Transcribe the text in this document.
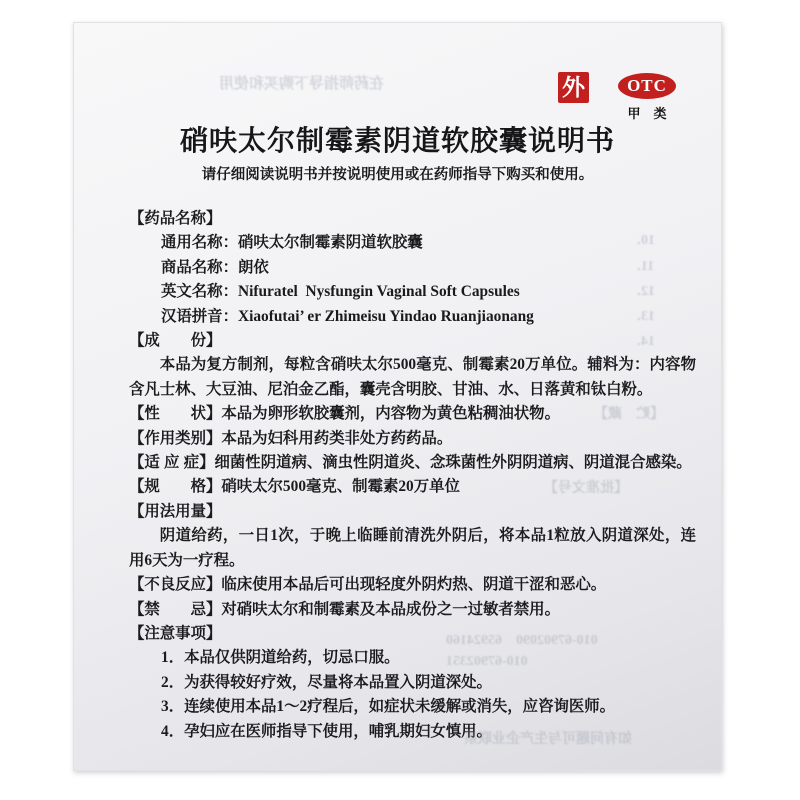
外 OTC
甲　类
硝呋太尔制霉素阴道软胶囊说明书

请仔细阅读说明书并按说明使用或在药师指导下购买和使用。

【药品名称】
通用名称：硝呋太尔制霉素阴道软胶囊
商品名称：朗依
英文名称：Nifuratel  Nysfungin Vaginal Soft Capsules
汉语拼音：Xiaofutai’ er Zhimeisu Yindao Ruanjiaonang
【成　　份】
本品为复方制剂，每粒含硝呋太尔500毫克、制霉素20万单位。辅料为：内容物含凡士林、大豆油、尼泊金乙酯，囊壳含明胶、甘油、水、日落黄和钛白粉。
【性　　状】本品为卵形软胶囊剂，内容物为黄色粘稠油状物。
【作用类别】本品为妇科用药类非处方药药品。
【适 应 症】细菌性阴道病、滴虫性阴道炎、念珠菌性外阴阴道病、阴道混合感染。
【规　　格】硝呋太尔500毫克、制霉素20万单位
【用法用量】
阴道给药，一日1次，于晚上临睡前清洗外阴后，将本品1粒放入阴道深处，连用6天为一疗程。
【不良反应】临床使用本品后可出现轻度外阴灼热、阴道干涩和恶心。
【禁　　忌】对硝呋太尔和制霉素及本品成份之一过敏者禁用。
【注意事项】
1．本品仅供阴道给药，切忌口服。
2．为获得较好疗效，尽量将本品置入阴道深处。
3．连续使用本品1～2疗程后，如症状未缓解或消失，应咨询医师。
4．孕妇应在医师指导下使用，哺乳期妇女慎用。
在药师指导下购买和使用
10．
11．
12．
13．
14．
【贮　藏】
【批准文号】
010-67902090　65924160
010-67902351
如有问题可与生产企业联系
